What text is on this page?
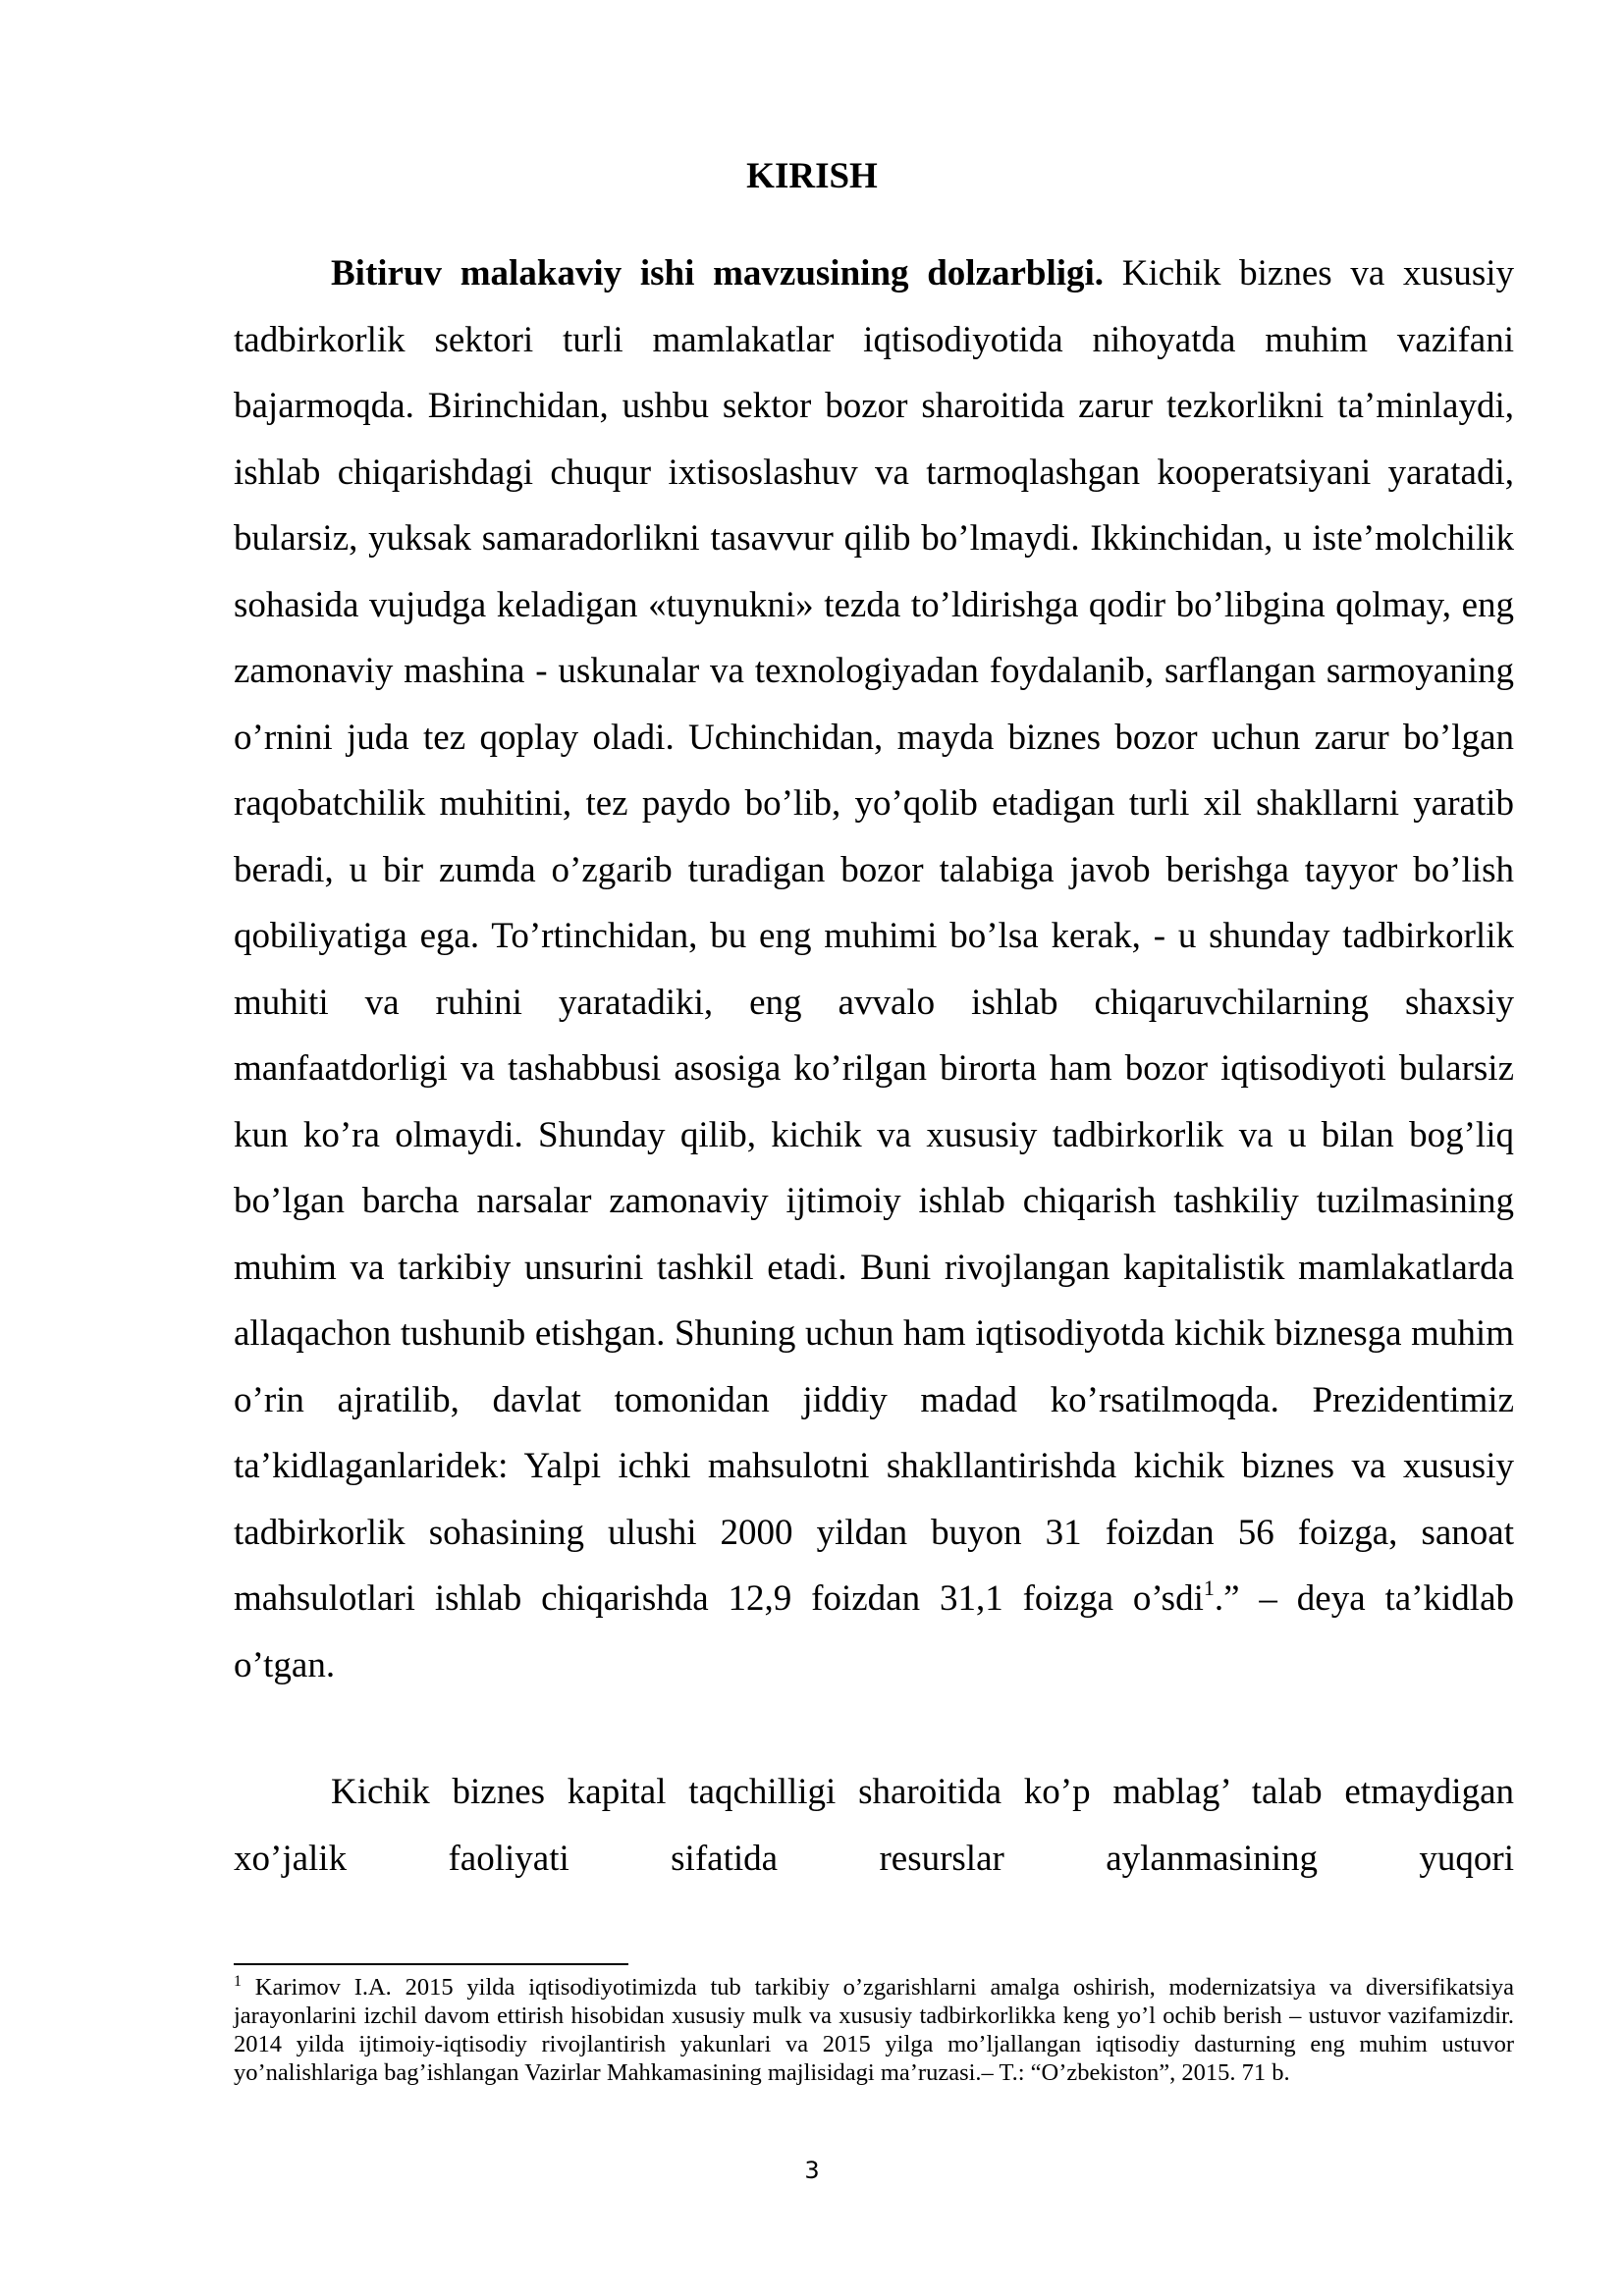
KIRISH

Bitiruv malakaviy ishi mavzusining dolzarbligi. Kichik biznes va xususiy tadbirkorlik sektori turli mamlakatlar iqtisodiyotida nihoyatda muhim vazifani bajarmoqda. Birinchidan, ushbu sektor bozor sharoitida zarur tezkorlikni ta’minlaydi, ishlab chiqarishdagi chuqur ixtisoslashuv va tarmoqlashgan kooperatsiyani yaratadi, bularsiz, yuksak samaradorlikni tasavvur qilib bo’lmaydi. Ikkinchidan, u iste’molchilik sohasida vujudga keladigan «tuynukni» tezda to’ldirishga qodir bo’libgina qolmay, eng zamonaviy mashina - uskunalar va texnologiyadan foydalanib, sarflangan sarmoyaning o’rnini juda tez qoplay oladi. Uchinchidan, mayda biznes bozor uchun zarur bo’lgan raqobatchilik muhitini, tez paydo bo’lib, yo’qolib etadigan turli xil shakllarni yaratib beradi, u bir zumda o’zgarib turadigan bozor talabiga javob berishga tayyor bo’lish qobiliyatiga ega. To’rtinchidan, bu eng muhimi bo’lsa kerak, - u shunday tadbirkorlik muhiti va ruhini yaratadiki, eng avvalo ishlab chiqaruvchilarning shaxsiy manfaatdorligi va tashabbusi asosiga ko’rilgan birorta ham bozor iqtisodiyoti bularsiz kun ko’ra olmaydi. Shunday qilib, kichik va xususiy tadbirkorlik va u bilan bog’liq bo’lgan barcha narsalar zamonaviy ijtimoiy ishlab chiqarish tashkiliy tuzilmasining muhim va tarkibiy unsurini tashkil etadi. Buni rivojlangan kapitalistik mamlakatlarda allaqachon tushunib etishgan. Shuning uchun ham iqtisodiyotda kichik biznesga muhim o’rin ajratilib, davlat tomonidan jiddiy madad ko’rsatilmoqda. Prezidentimiz ta’kidlaganlaridek: Yalpi ichki mahsulotni shakllantirishda kichik biznes va xususiy tadbirkorlik sohasining ulushi 2000 yildan buyon 31 foizdan 56 foizga, sanoat mahsulotlari ishlab chiqarishda 12,9 foizdan 31,1 foizga o’sdi$^1$.” – deya ta’kidlab o’tgan.

Kichik biznes kapital taqchilligi sharoitida ko’p mablag’ talab etmaydigan xo’jalik faoliyati sifatida resurslar aylanmasining yuqori

$^1$ Karimov I.A. 2015 yilda iqtisodiyotimizda tub tarkibiy o’zgarishlarni amalga oshirish, modernizatsiya va diversifikatsiya jarayonlarini izchil davom ettirish hisobidan xususiy mulk va xususiy tadbirkorlikka keng yo’l ochib berish – ustuvor vazifamizdir. 2014 yilda ijtimoiy-iqtisodiy rivojlantirish yakunlari va 2015 yilga mo’ljallangan iqtisodiy dasturning eng muhim ustuvor yo’nalishlariga bag’ishlangan Vazirlar Mahkamasining majlisidagi ma’ruzasi.– T.: “O’zbekiston”, 2015. 71 b.

3
